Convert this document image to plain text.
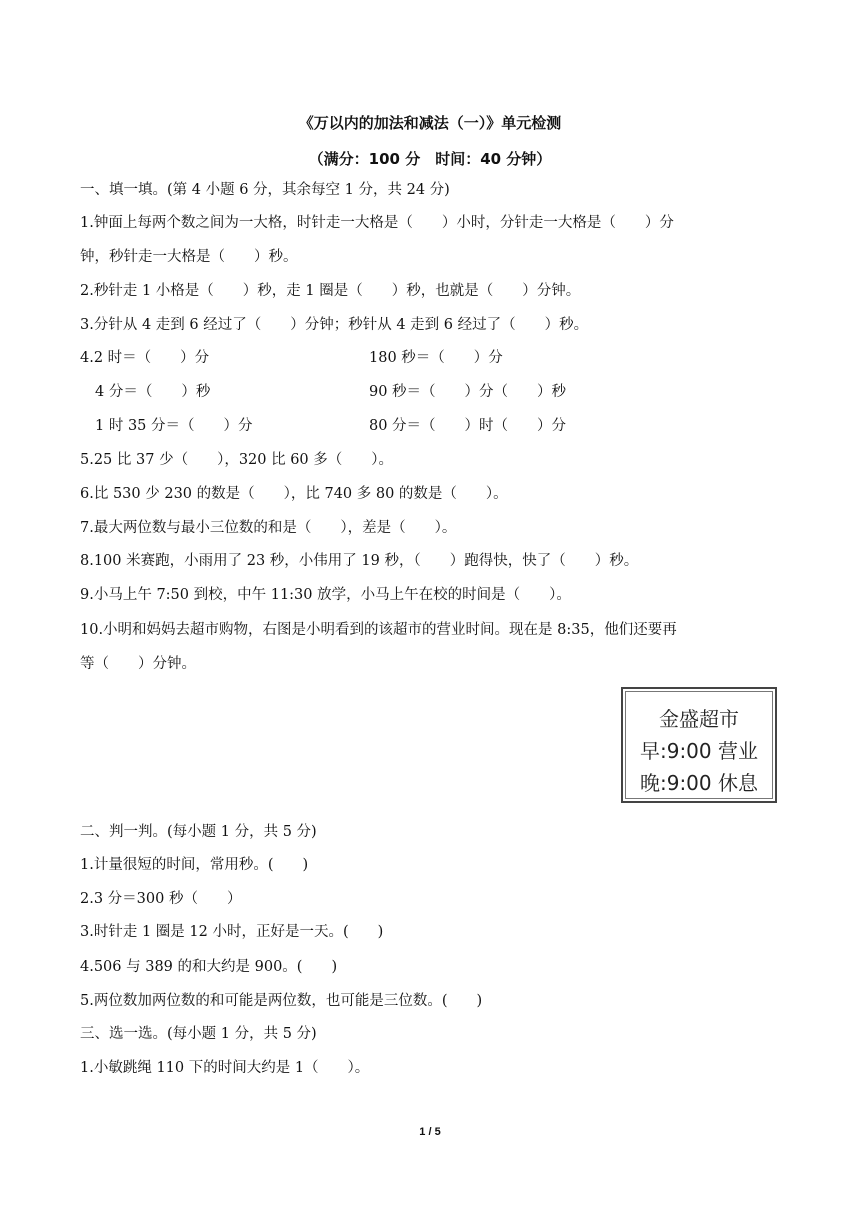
《万以内的加法和减法（一）》单元检测
（满分：100 分　时间：40 分钟）
一、填一填。(第 4 小题 6 分，其余每空 1 分，共 24 分)
1.钟面上每两个数之间为一大格，时针走一大格是（　　）小时，分针走一大格是（　　）分
钟，秒针走一大格是（　　）秒。
2.秒针走 1 小格是（　　）秒，走 1 圈是（　　）秒，也就是（　　）分钟。
3.分针从 4 走到 6 经过了（　　）分钟；秒针从 4 走到 6 经过了（　　）秒。
4.2 时＝（　　）分	180 秒＝（　　）分
4 分＝（　　）秒	90 秒＝（　　）分（　　）秒
1 时 35 分＝（　　）分	80 分＝（　　）时（　　）分
5.25 比 37 少（　　），320 比 60 多（　　）。
6.比 530 少 230 的数是（　　），比 740 多 80 的数是（　　）。
7.最大两位数与最小三位数的和是（　　），差是（　　）。
8.100 米赛跑，小雨用了 23 秒，小伟用了 19 秒，（　　）跑得快，快了（　　）秒。
9.小马上午 7:50 到校，中午 11:30 放学，小马上午在校的时间是（　　）。
10.小明和妈妈去超市购物，右图是小明看到的该超市的营业时间。现在是 8:35，他们还要再
等（　　）分钟。
金盛超市
早:9:00 营业
晚:9:00 休息
二、判一判。(每小题 1 分，共 5 分)
1.计量很短的时间，常用秒。(　　)
2.3 分＝300 秒（　　）
3.时针走 1 圈是 12 小时，正好是一天。(　　)
4.506 与 389 的和大约是 900。(　　)
5.两位数加两位数的和可能是两位数，也可能是三位数。(　　)
三、选一选。(每小题 1 分，共 5 分)
1.小敏跳绳 110 下的时间大约是 1（　　）。
1 / 5
